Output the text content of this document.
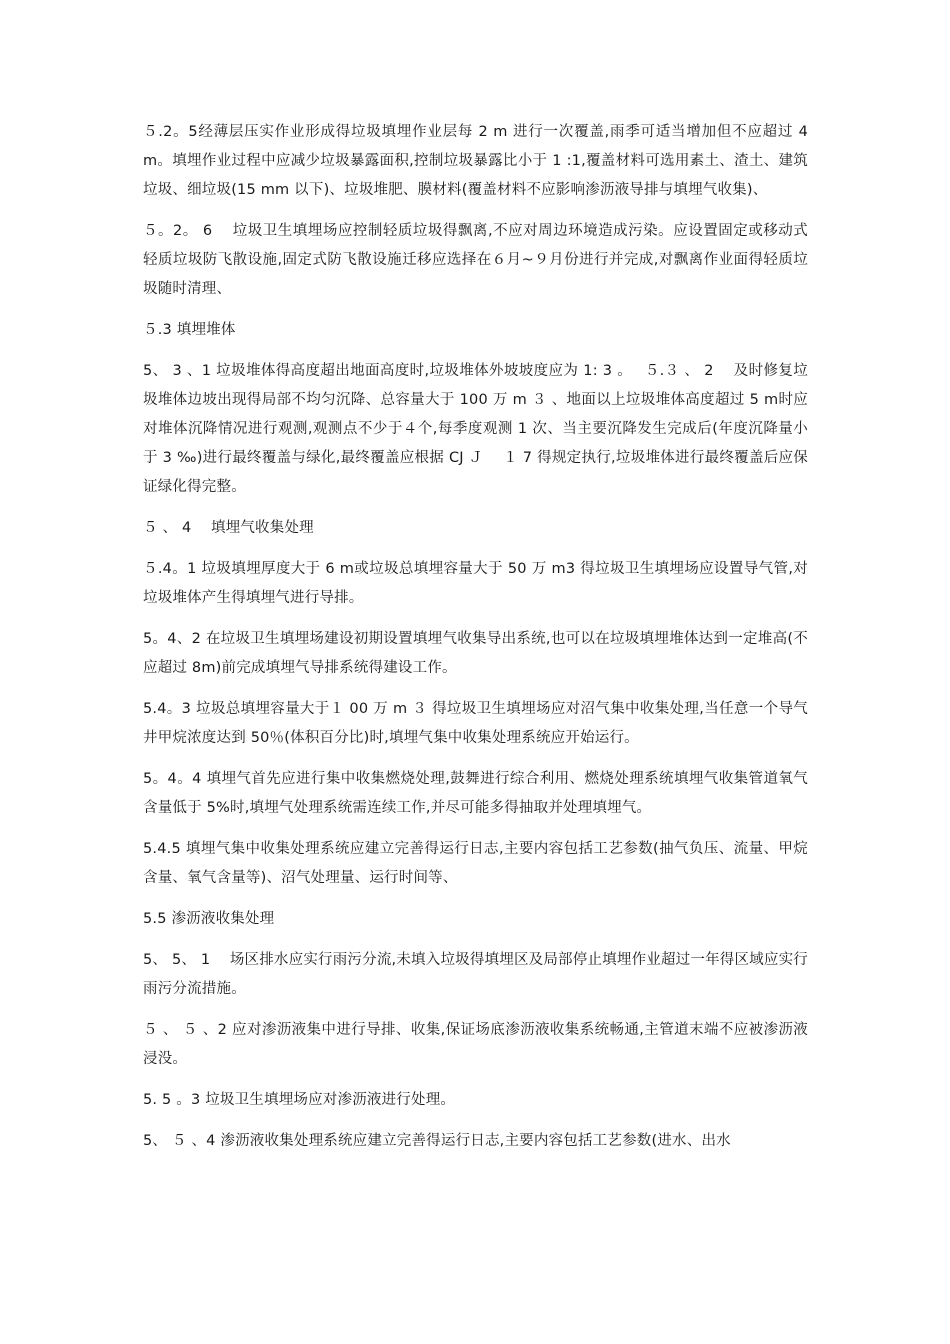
５.2。5经薄层压实作业形成得垃圾填埋作业层每 2 m 进行一次覆盖,雨季可适当增加但不应超过 4 m。填埋作业过程中应减少垃圾暴露面积,控制垃圾暴露比小于 1 :1,覆盖材料可选用素土、渣土、建筑垃圾、细垃圾(15 mm 以下)、垃圾堆肥、膜材料(覆盖材料不应影响渗沥液导排与填埋气收集)、

５。2。 6　 垃圾卫生填埋场应控制轻质垃圾得飘离,不应对周边环境造成污染。应设置固定或移动式轻质垃圾防飞散设施,固定式防飞散设施迁移应选择在６月~９月份进行并完成,对飘离作业面得轻质垃圾随时清理、

５.3 填埋堆体

5、 3 、1 垃圾堆体得高度超出地面高度时,垃圾堆体外坡坡度应为 1: 3 。　 ５.３ 、 2　 及时修复垃圾堆体边坡出现得局部不均匀沉降、总容量大于 100 万 m ３ 、地面以上垃圾堆体高度超过 5 m时应对堆体沉降情况进行观测,观测点不少于４个,每季度观测 1 次、当主要沉降发生完成后(年度沉降量小于 3 ‰)进行最终覆盖与绿化,最终覆盖应根据 CJ Ｊ　 １ 7 得规定执行,垃圾堆体进行最终覆盖后应保证绿化得完整。

５ 、 4　 填埋气收集处理

５.4。1 垃圾填埋厚度大于 6 m或垃圾总填埋容量大于 50 万 m3 得垃圾卫生填埋场应设置导气管,对垃圾堆体产生得填埋气进行导排。

5。4、2 在垃圾卫生填埋场建设初期设置填埋气收集导出系统,也可以在垃圾填埋堆体达到一定堆高(不应超过 8m)前完成填埋气导排系统得建设工作。

5.4。3 垃圾总填埋容量大于１ 00 万 m ３ 得垃圾卫生填埋场应对沼气集中收集处理,当任意一个导气井甲烷浓度达到 50％(体积百分比)时,填埋气集中收集处理系统应开始运行。

5。4。4 填埋气首先应进行集中收集燃烧处理,鼓舞进行综合利用、燃烧处理系统填埋气收集管道氧气含量低于 5%时,填埋气处理系统需连续工作,并尽可能多得抽取并处理填埋气。

5.4.5 填埋气集中收集处理系统应建立完善得运行日志,主要内容包括工艺参数(抽气负压、流量、甲烷含量、氧气含量等)、沼气处理量、运行时间等、

5.5 渗沥液收集处理

5、 5、 1　 场区排水应实行雨污分流,未填入垃圾得填埋区及局部停止填埋作业超过一年得区域应实行雨污分流措施。

５ 、 ５ 、2 应对渗沥液集中进行导排、收集,保证场底渗沥液收集系统畅通,主管道末端不应被渗沥液浸没。

5. 5 。3 垃圾卫生填埋场应对渗沥液进行处理。

5、 ５ 、4 渗沥液收集处理系统应建立完善得运行日志,主要内容包括工艺参数(进水、出水
